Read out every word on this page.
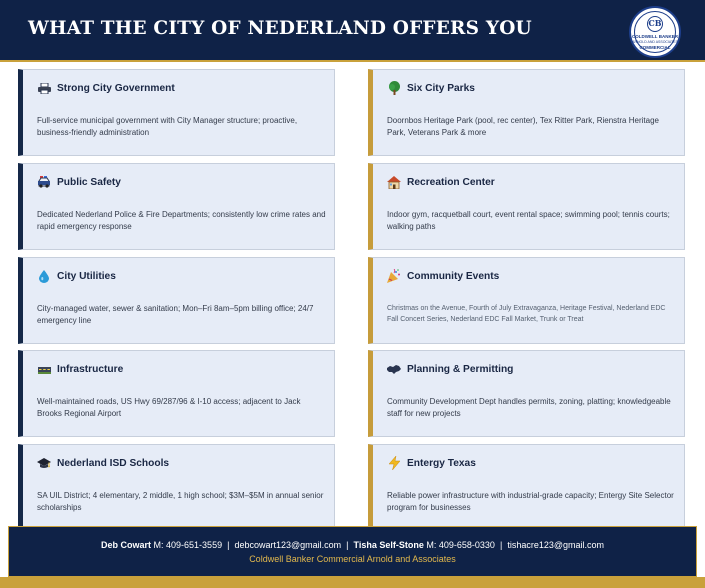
WHAT THE CITY OF NEDERLAND OFFERS YOU	CB
COLDWELL BANKER
ARNOLD AND ASSOCIATES
COMMERCIAL
Strong City Government
Full-service municipal government with City Manager structure; proactive, business-friendly administration
Six City Parks
Doornbos Heritage Park (pool, rec center), Tex Ritter Park, Rienstra Heritage Park, Veterans Park & more
Public Safety
Dedicated Nederland Police & Fire Departments; consistently low crime rates and rapid emergency response
Recreation Center
Indoor gym, racquetball court, event rental space; swimming pool; tennis courts; walking paths
City Utilities
City-managed water, sewer & sanitation; Mon–Fri 8am–5pm billing office; 24/7 emergency line
Community Events
Christmas on the Avenue, Fourth of July Extravaganza, Heritage Festival, Nederland EDC Fall Concert Series, Nederland EDC Fall Market, Trunk or Treat
Infrastructure
Well-maintained roads, US Hwy 69/287/96 & I-10 access; adjacent to Jack Brooks Regional Airport
Planning & Permitting
Community Development Dept handles permits, zoning, platting; knowledgeable staff for new projects
Nederland ISD Schools
SA UIL District; 4 elementary, 2 middle, 1 high school; $3M–$5M in annual senior scholarships
Entergy Texas
Reliable power infrastructure with industrial-grade capacity; Entergy Site Selector program for businesses
Deb Cowart M: 409-651-3559 | debcowart123@gmail.com | Tisha Self-Stone M: 409-658-0330 | tishacre123@gmail.com
Coldwell Banker Commercial Arnold and Associates
